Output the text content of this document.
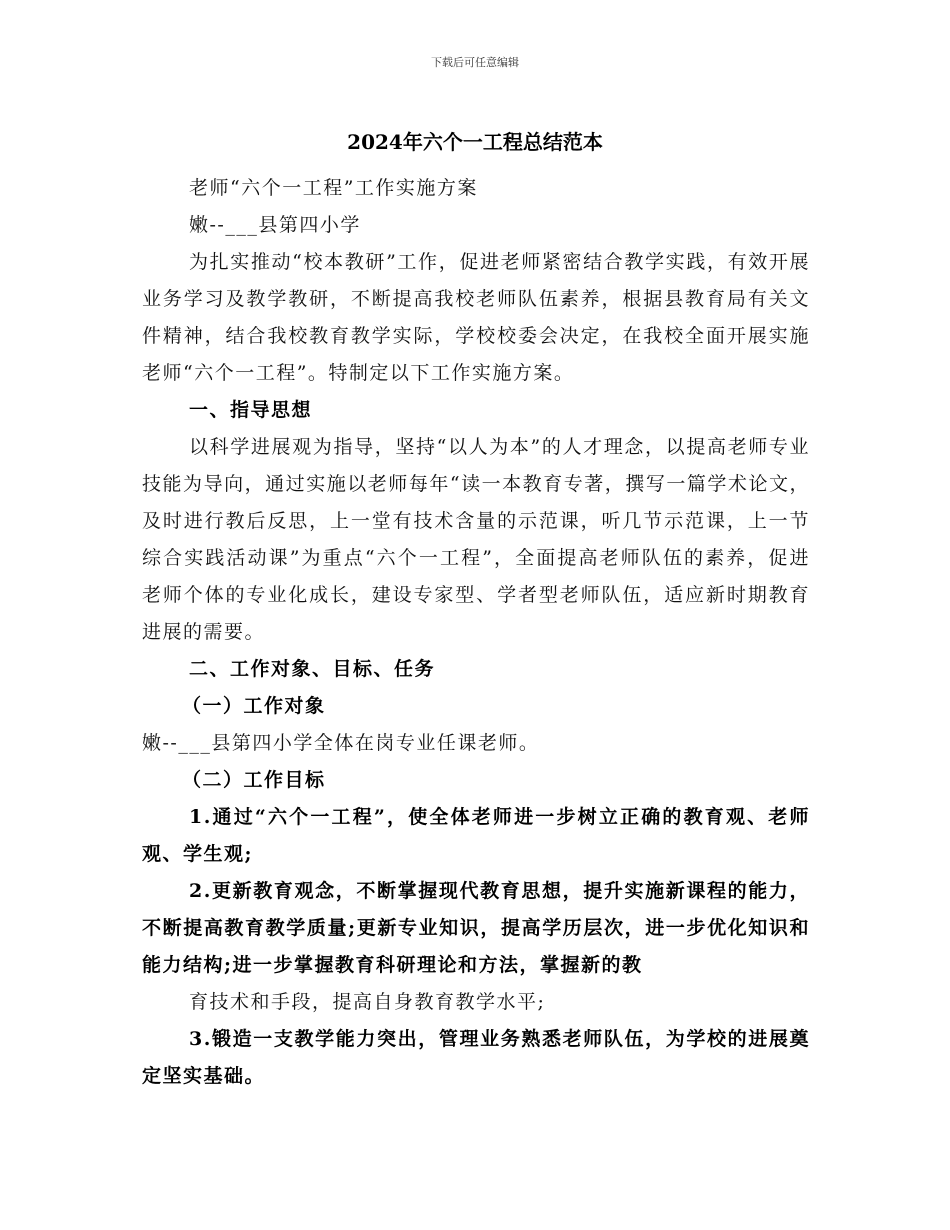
下载后可任意编辑
2024年六个一工程总结范本

老师“六个一工程”工作实施方案

嫩--___县第四小学

为扎实推动“校本教研”工作，促进老师紧密结合教学实践，有效开展业务学习及教学教研，不断提高我校老师队伍素养，根据县教育局有关文件精神，结合我校教育教学实际，学校校委会决定，在我校全面开展实施老师“六个一工程”。特制定以下工作实施方案。

一、指导思想

以科学进展观为指导，坚持“以人为本”的人才理念，以提高老师专业技能为导向，通过实施以老师每年“读一本教育专著，撰写一篇学术论文，及时进行教后反思，上一堂有技术含量的示范课，听几节示范课，上一节综合实践活动课”为重点“六个一工程”，全面提高老师队伍的素养，促进老师个体的专业化成长，建设专家型、学者型老师队伍，适应新时期教育进展的需要。

二、工作对象、目标、任务

（一）工作对象

嫩--___县第四小学全体在岗专业任课老师。

（二）工作目标

1.通过“六个一工程”，使全体老师进一步树立正确的教育观、老师观、学生观;

2.更新教育观念，不断掌握现代教育思想，提升实施新课程的能力，不断提高教育教学质量;更新专业知识，提高学历层次，进一步优化知识和能力结构;进一步掌握教育科研理论和方法，掌握新的教

育技术和手段，提高自身教育教学水平;

3.锻造一支教学能力突出，管理业务熟悉老师队伍，为学校的进展奠定坚实基础。
